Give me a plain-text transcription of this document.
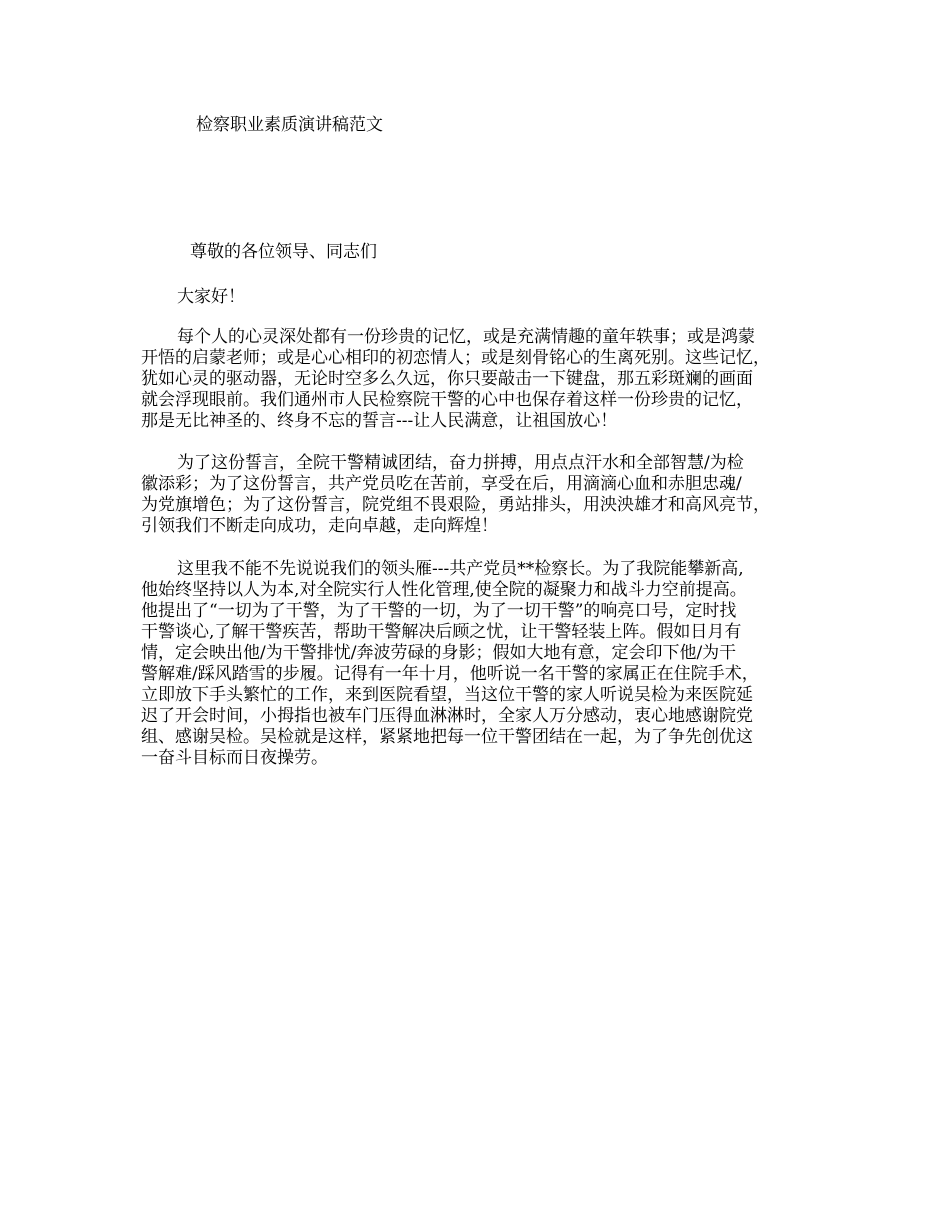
检察职业素质演讲稿范文
尊敬的各位领导、同志们
大家好！
每个人的心灵深处都有一份珍贵的记忆，或是充满情趣的童年轶事；或是鸿蒙
开悟的启蒙老师；或是心心相印的初恋情人；或是刻骨铭心的生离死别。这些记忆，
犹如心灵的驱动器，无论时空多么久远，你只要敲击一下键盘，那五彩斑斓的画面
就会浮现眼前。我们通州市人民检察院干警的心中也保存着这样一份珍贵的记忆，
那是无比神圣的、终身不忘的誓言---让人民满意，让祖国放心！
为了这份誓言，全院干警精诚团结，奋力拼搏，用点点汗水和全部智慧/为检
徽添彩；为了这份誓言，共产党员吃在苦前，享受在后，用滴滴心血和赤胆忠魂/
为党旗增色；为了这份誓言，院党组不畏艰险，勇站排头，用泱泱雄才和高风亮节，
引领我们不断走向成功，走向卓越，走向辉煌！
这里我不能不先说说我们的领头雁---共产党员**检察长。为了我院能攀新高,
他始终坚持以人为本,对全院实行人性化管理,使全院的凝聚力和战斗力空前提高。
他提出了“一切为了干警，为了干警的一切，为了一切干警”的响亮口号，定时找
干警谈心,了解干警疾苦，帮助干警解决后顾之忧，让干警轻装上阵。假如日月有
情，定会映出他/为干警排忧/奔波劳碌的身影；假如大地有意，定会印下他/为干
警解难/踩风踏雪的步履。记得有一年十月，他听说一名干警的家属正在住院手术，
立即放下手头繁忙的工作，来到医院看望，当这位干警的家人听说吴检为来医院延
迟了开会时间，小拇指也被车门压得血淋淋时，全家人万分感动，衷心地感谢院党
组、感谢吴检。吴检就是这样，紧紧地把每一位干警团结在一起，为了争先创优这
一奋斗目标而日夜操劳。
